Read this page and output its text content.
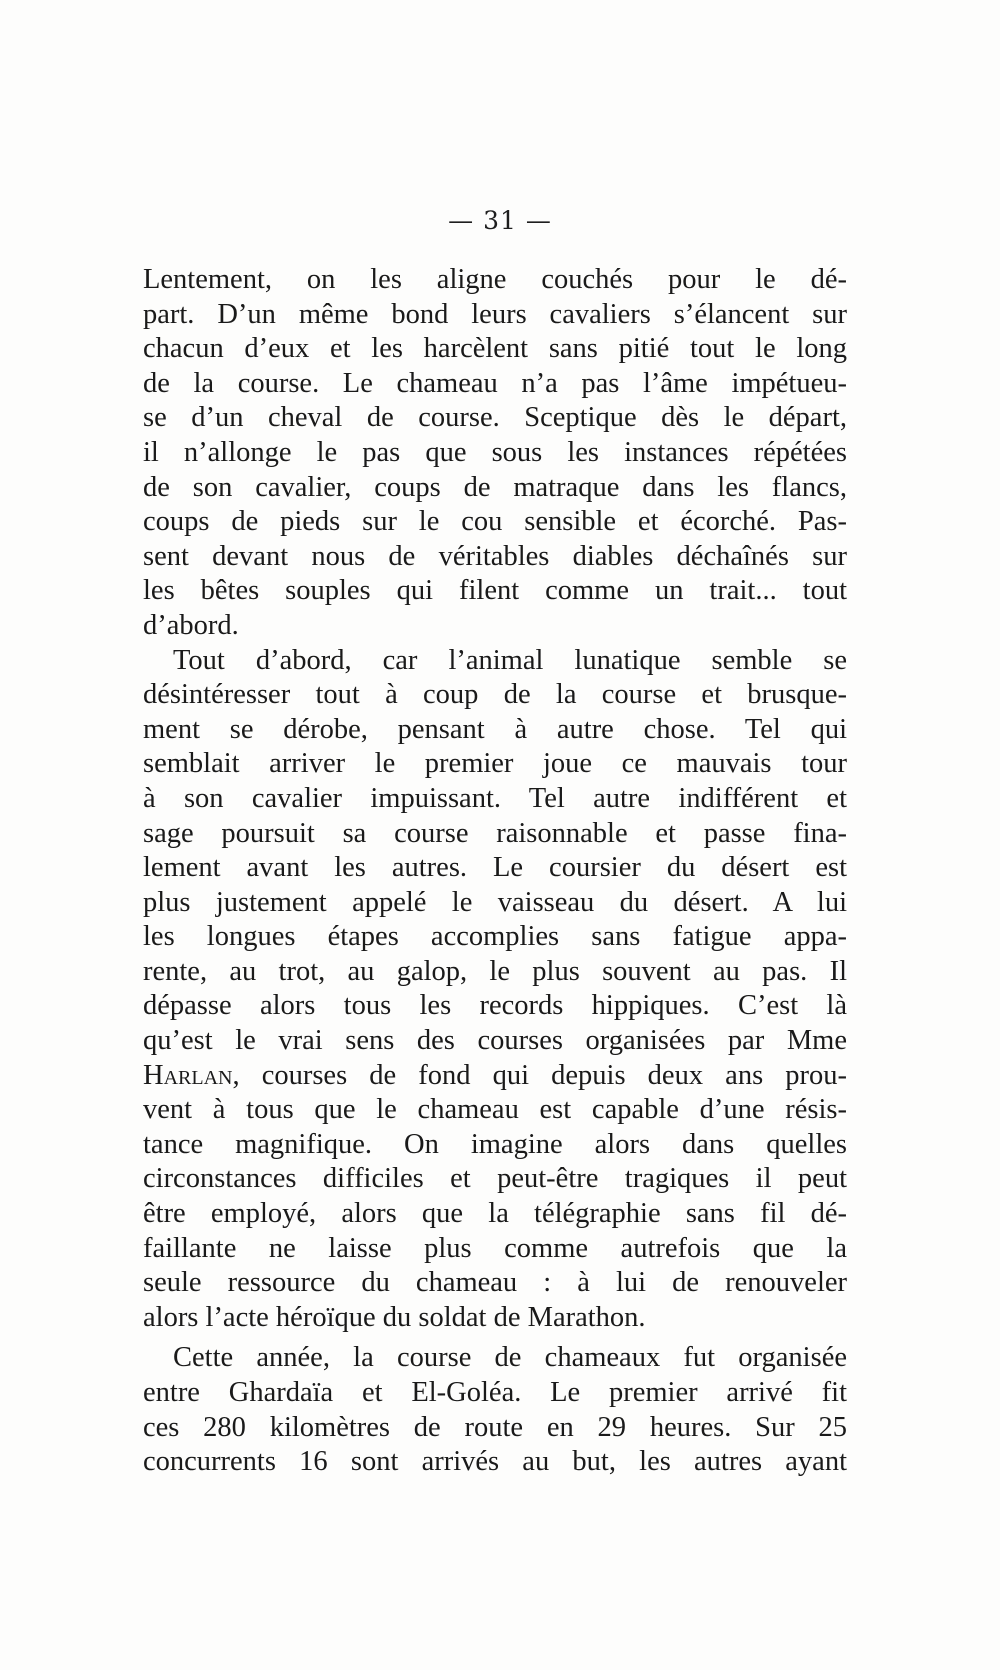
— 31 —
Lentement, on les aligne couchés pour le dé-
part. D’un même bond leurs cavaliers s’élancent sur
chacun d’eux et les harcèlent sans pitié tout le long
de la course. Le chameau n’a pas l’âme impétueu-
se d’un cheval de course. Sceptique dès le départ,
il n’allonge le pas que sous les instances répétées
de son cavalier, coups de matraque dans les flancs,
coups de pieds sur le cou sensible et écorché. Pas-
sent devant nous de véritables diables déchaînés sur
les bêtes souples qui filent comme un trait... tout
d’abord.
Tout d’abord, car l’animal lunatique semble se
désintéresser tout à coup de la course et brusque-
ment se dérobe, pensant à autre chose. Tel qui
semblait arriver le premier joue ce mauvais tour
à son cavalier impuissant. Tel autre indifférent et
sage poursuit sa course raisonnable et passe fina-
lement avant les autres. Le coursier du désert est
plus justement appelé le vaisseau du désert. A lui
les longues étapes accomplies sans fatigue appa-
rente, au trot, au galop, le plus souvent au pas. Il
dépasse alors tous les records hippiques. C’est là
qu’est le vrai sens des courses organisées par Mme
Harlan, courses de fond qui depuis deux ans prou-
vent à tous que le chameau est capable d’une résis-
tance magnifique. On imagine alors dans quelles
circonstances difficiles et peut-être tragiques il peut
être employé, alors que la télégraphie sans fil dé-
faillante ne laisse plus comme autrefois que la
seule ressource du chameau : à lui de renouveler
alors l’acte héroïque du soldat de Marathon.
Cette année, la course de chameaux fut organisée
entre Ghardaïa et El-Goléa. Le premier arrivé fit
ces 280 kilomètres de route en 29 heures. Sur 25
concurrents 16 sont arrivés au but, les autres ayant
